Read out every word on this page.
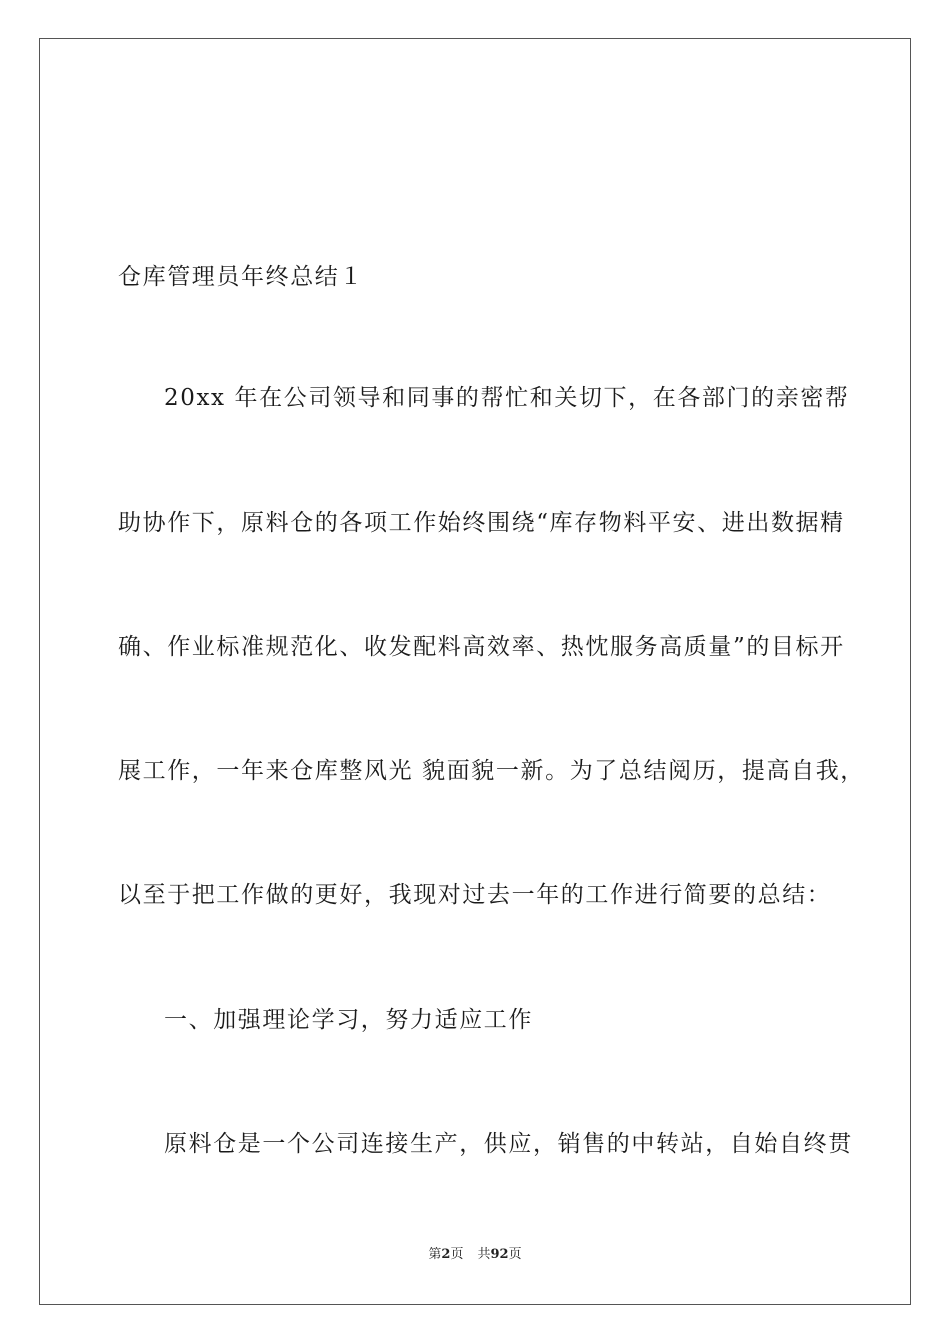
仓库管理员年终总结１
20xx 年在公司领导和同事的帮忙和关切下，在各部门的亲密帮
助协作下，原料仓的各项工作始终围绕“库存物料平安、进出数据精
确、作业标准规范化、收发配料高效率、热忱服务高质量”的目标开
展工作，一年来仓库整风光 貌面貌一新。为了总结阅历，提高自我，
以至于把工作做的更好，我现对过去一年的工作进行简要的总结：
一、加强理论学习，努力适应工作
原料仓是一个公司连接生产，供应，销售的中转站，自始自终贯
第2页 共92页
